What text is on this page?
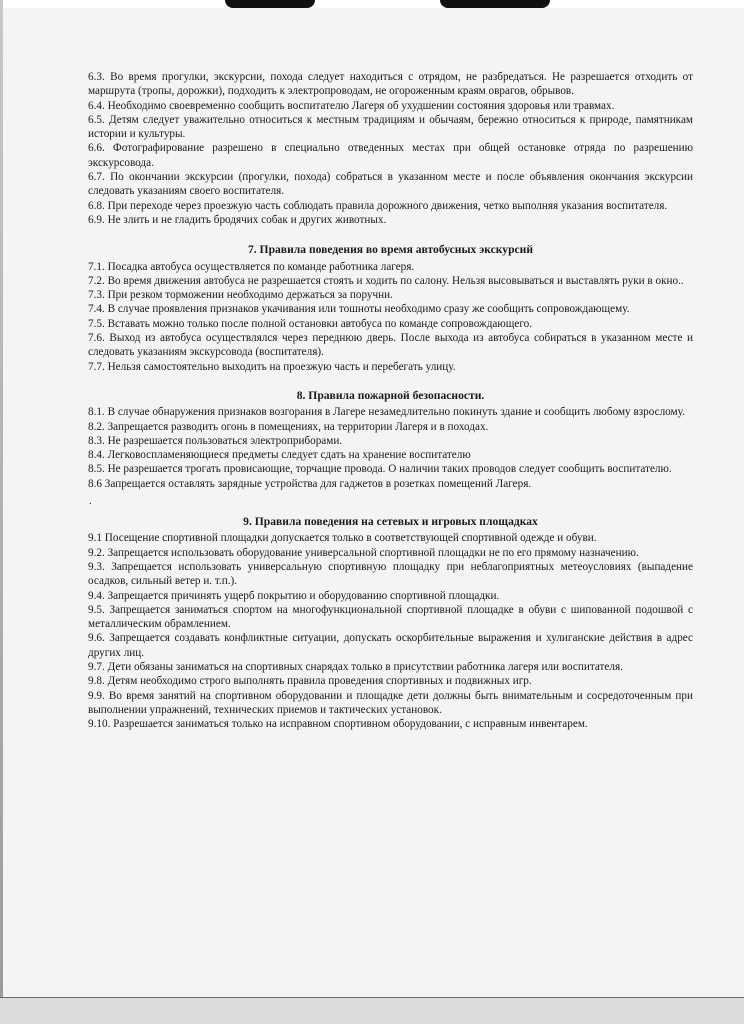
6.3. Во время прогулки, экскурсии, похода следует находиться с отрядом, не разбредаться. Не разрешается отходить от маршрута (тропы, дорожки), подходить к электропроводам, не огороженным краям оврагов, обрывов.

6.4. Необходимо своевременно сообщить воспитателю Лагеря об ухудшении состояния здоровья или травмах.

6.5. Детям следует уважительно относиться к местным традициям и обычаям, бережно относиться к природе, памятникам истории и культуры.

6.6. Фотографирование разрешено в специально отведенных местах при общей остановке отряда по разрешению экскурсовода.

6.7. По окончании экскурсии (прогулки, похода) собраться в указанном месте и после объявления окончания экскурсии следовать указаниям своего воспитателя.

6.8. При переходе через проезжую часть соблюдать правила дорожного движения, четко выполняя указания воспитателя.

6.9. Не злить и не гладить бродячих собак и других животных.

7. Правила поведения во время автобусных экскурсий

7.1. Посадка автобуса осуществляется по команде работника лагеря.

7.2. Во время движения автобуса не разрешается стоять и ходить по салону. Нельзя высовываться и выставлять руки в окно..

7.3. При резком торможении необходимо держаться за поручни.

7.4. В случае проявления признаков укачивания или тошноты необходимо сразу же сообщить сопровождающему.

7.5. Вставать можно только после полной остановки автобуса по команде сопровождающего.

7.6. Выход из автобуса осуществлялся через переднюю дверь. После выхода из автобуса собираться в указанном месте и следовать указаниям экскурсовода (воспитателя).

7.7. Нельзя самостоятельно выходить на проезжую часть и перебегать улицу.

8. Правила пожарной безопасности.

8.1. В случае обнаружения признаков возгорания в Лагере незамедлительно покинуть здание и сообщить любому взрослому.

8.2. Запрещается разводить огонь в помещениях, на территории Лагеря и в походах.

8.3. Не разрешается пользоваться электроприборами.

8.4. Легковоспламеняющиеся предметы следует сдать на хранение воспитателю

8.5. Не разрешается трогать провисающие, торчащие провода. О наличии таких проводов следует сообщить воспитателю.

8.6 Запрещается оставлять зарядные устройства для гаджетов в розетках помещений Лагеря.

.
9. Правила поведения на сетевых и игровых площадках

9.1 Посещение спортивной площадки допускается только в соответствующей спортивной одежде и обуви.

9.2. Запрещается использовать оборудование универсальной спортивной площадки не по его прямому назначению.

9.3. Запрещается использовать универсальную спортивную площадку при неблагоприятных метеоусловиях (выпадение осадков, сильный ветер и. т.п.).

9.4. Запрещается причинять ущерб покрытию и оборудованию спортивной площадки.

9.5. Запрещается заниматься спортом на многофункциональной спортивной площадке в обуви с шипованной подошвой с металлическим обрамлением.

9.6. Запрещается создавать конфликтные ситуации, допускать оскорбительные выражения и хулиганские действия в адрес других лиц.

9.7. Дети обязаны заниматься на спортивных снарядах только в присутствии работника лагеря или воспитателя.

9.8. Детям необходимо строго выполнять правила проведения спортивных и подвижных игр.

9.9. Во время занятий на спортивном оборудовании и площадке дети должны быть внимательным и сосредоточенным при выполнении упражнений, технических приемов и тактических установок.

9.10. Разрешается заниматься только на исправном спортивном оборудовании, с исправным инвентарем.
